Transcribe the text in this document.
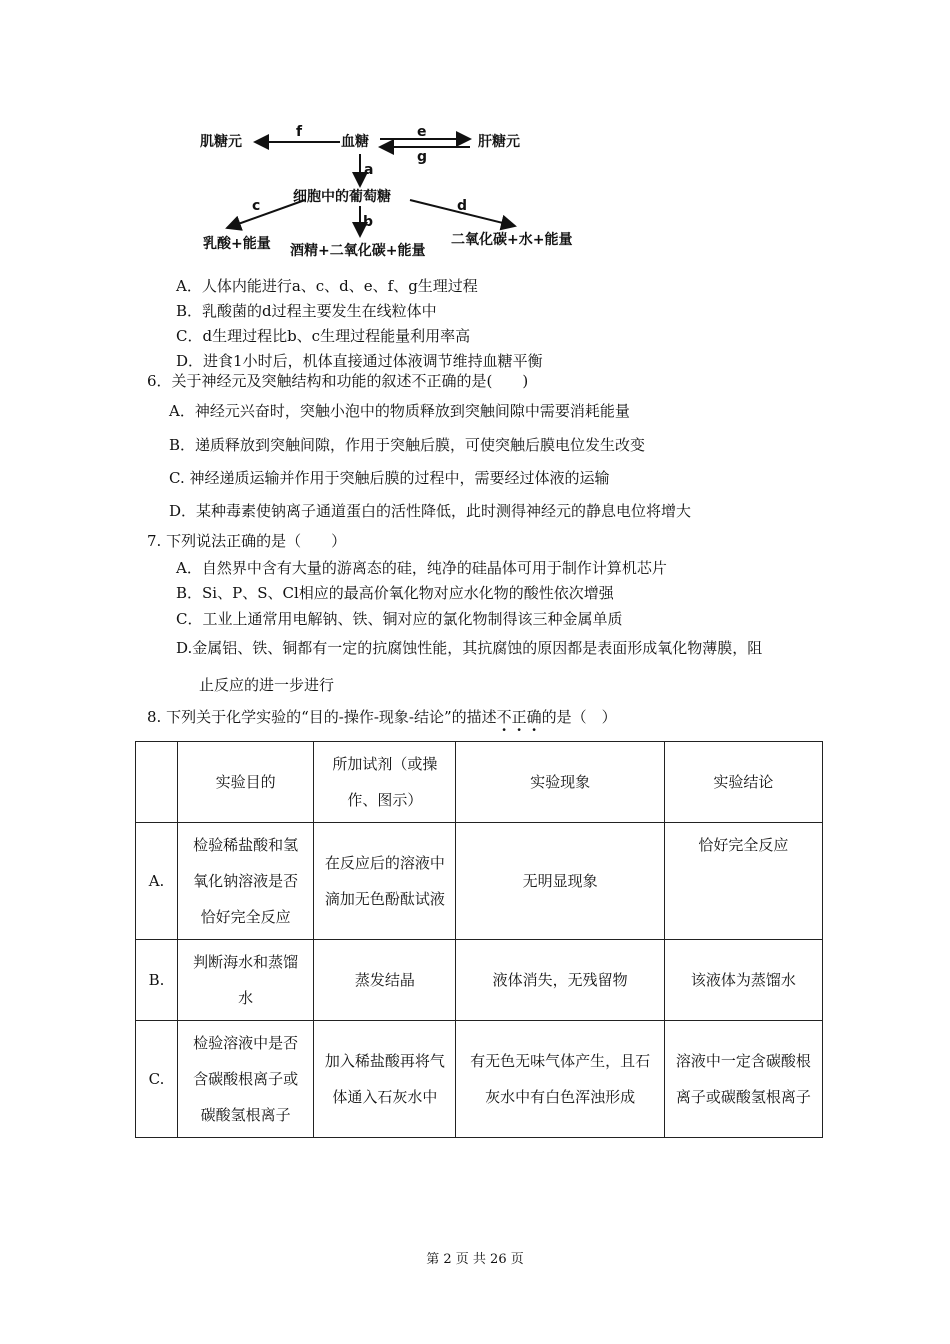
肌糖元	血糖	肝糖元
细胞中的葡萄糖
乳酸+能量 酒精+二氧化碳+能量
二氧化碳+水+能量
f	e
g
a
c
b
d
A．人体内能进行a、c、d、e、f、g生理过程
B．乳酸菌的d过程主要发生在线粒体中
C．d生理过程比b、c生理过程能量利用率高
D．进食1小时后，机体直接通过体液调节维持血糖平衡
6．关于神经元及突触结构和功能的叙述不正确的是(　　)
A．神经元兴奋时，突触小泡中的物质释放到突触间隙中需要消耗能量
B．递质释放到突触间隙，作用于突触后膜，可使突触后膜电位发生改变
C. 神经递质运输并作用于突触后膜的过程中，需要经过体液的运输
D．某种毒素使钠离子通道蛋白的活性降低，此时测得神经元的静息电位将增大
7. 下列说法正确的是（　　）
A．自然界中含有大量的游离态的硅，纯净的硅晶体可用于制作计算机芯片
B．Si、P、S、Cl相应的最高价氧化物对应水化物的酸性依次增强
C．工业上通常用电解钠、铁、铜对应的氯化物制得该三种金属单质
D.金属铝、铁、铜都有一定的抗腐蚀性能，其抗腐蚀的原因都是表面形成氧化物薄膜，阻
止反应的进一步进行
8. 下列关于化学实验的“目的-操作-现象-结论”的描述不正确的是（　）
	实验目的	所加试剂（或操作、图示）	实验现象	实验结论
A.	检验稀盐酸和氢氧化钠溶液是否恰好完全反应	在反应后的溶液中滴加无色酚酞试液	无明显现象	恰好完全反应
B.	判断海水和蒸馏水	蒸发结晶	液体消失，无残留物	该液体为蒸馏水
C.	检验溶液中是否含碳酸根离子或碳酸氢根离子	加入稀盐酸再将气体通入石灰水中	有无色无味气体产生，且石灰水中有白色浑浊形成	溶液中一定含碳酸根离子或碳酸氢根离子
第 2 页 共 26 页
